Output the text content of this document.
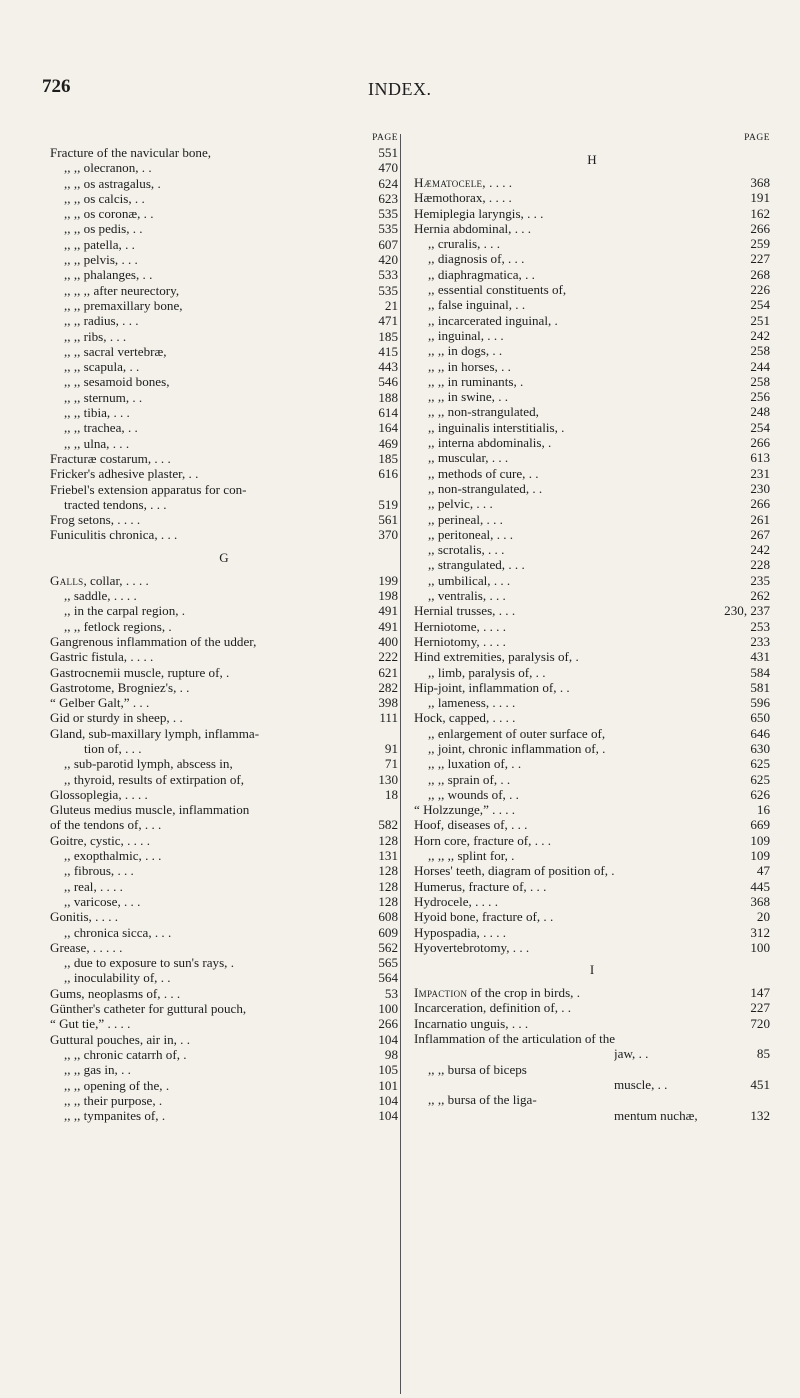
726	INDEX.
PAGE
Fracture of the navicular bone,	551
,, ,, olecranon, . .	470
,, ,, os astragalus, .	624
,, ,, os calcis, . .	623
,, ,, os coronæ, . .	535
,, ,, os pedis, . .	535
,, ,, patella, . .	607
,, ,, pelvis, . . .	420
,, ,, phalanges, . .	533
,, ,, ,, after neurectory,	535
,, ,, premaxillary bone,	21
,, ,, radius, . . .	471
,, ,, ribs, . . .	185
,, ,, sacral vertebræ,	415
,, ,, scapula, . .	443
,, ,, sesamoid bones,	546
,, ,, sternum, . .	188
,, ,, tibia, . . .	614
,, ,, trachea, . .	164
,, ,, ulna, . . .	469
Fracturæ costarum, . . .	185
Fricker's adhesive plaster, . .	616
Friebel's extension apparatus for con-
tracted tendons, . . .	519
Frog setons, . . . .	561
Funiculitis chronica, . . .	370
G
Galls, collar, . . . .	199
,, saddle, . . . .	198
,, in the carpal region, .	491
,, ,, fetlock regions, .	491
Gangrenous inflammation of the udder,	400
Gastric fistula, . . . .	222
Gastrocnemii muscle, rupture of, .	621
Gastrotome, Brogniez's, . .	282
“ Gelber Galt,” . . .	398
Gid or sturdy in sheep, . .	111
Gland, sub-maxillary lymph, inflamma-
tion of, . . .	91
,, sub-parotid lymph, abscess in,	71
,, thyroid, results of extirpation of,	130
Glossoplegia, . . . .	18
Gluteus medius muscle, inflammation
of the tendons of, . . .	582
Goitre, cystic, . . . .	128
,, exopthalmic, . . .	131
,, fibrous, . . .	128
,, real, . . . .	128
,, varicose, . . .	128
Gonitis, . . . .	608
,, chronica sicca, . . .	609
Grease, . . . . .	562
,, due to exposure to sun's rays, .	565
,, inoculability of, . .	564
Gums, neoplasms of, . . .	53
Günther's catheter for guttural pouch,	100
“ Gut tie,” . . . .	266
Guttural pouches, air in, . .	104
,, ,, chronic catarrh of, .	98
,, ,, gas in, . .	105
,, ,, opening of the, .	101
,, ,, their purpose, .	104
,, ,, tympanites of, .	104
PAGE
H
Hæmatocele, . . . .	368
Hæmothorax, . . . .	191
Hemiplegia laryngis, . . .	162
Hernia abdominal, . . .	266
,, cruralis, . . .	259
,, diagnosis of, . . .	227
,, diaphragmatica, . .	268
,, essential constituents of,	226
,, false inguinal, . .	254
,, incarcerated inguinal, .	251
,, inguinal, . . .	242
,, ,, in dogs, . .	258
,, ,, in horses, . .	244
,, ,, in ruminants, .	258
,, ,, in swine, . .	256
,, ,, non-strangulated,	248
,, inguinalis interstitialis, .	254
,, interna abdominalis, .	266
,, muscular, . . .	613
,, methods of cure, . .	231
,, non-strangulated, . .	230
,, pelvic, . . .	266
,, perineal, . . .	261
,, peritoneal, . . .	267
,, scrotalis, . . .	242
,, strangulated, . . .	228
,, umbilical, . . .	235
,, ventralis, . . .	262
Hernial trusses, . . .	230, 237
Herniotome, . . . .	253
Herniotomy, . . . .	233
Hind extremities, paralysis of, .	431
,, limb, paralysis of, . .	584
Hip-joint, inflammation of, . .	581
,, lameness, . . . .	596
Hock, capped, . . . .	650
,, enlargement of outer surface of,	646
,, joint, chronic inflammation of, .	630
,, ,, luxation of, . .	625
,, ,, sprain of, . .	625
,, ,, wounds of, . .	626
“ Holzzunge,” . . . .	16
Hoof, diseases of, . . .	669
Horn core, fracture of, . . .	109
,, ,, ,, splint for, .	109
Horses' teeth, diagram of position of, .	47
Humerus, fracture of, . . .	445
Hydrocele, . . . .	368
Hyoid bone, fracture of, . .	20
Hypospadia, . . . .	312
Hyovertebrotomy, . . .	100
I
Impaction of the crop in birds, .	147
Incarceration, definition of, . .	227
Incarnatio unguis, . . .	720
Inflammation of the articulation of the
jaw, . .	85
,, ,, bursa of biceps
muscle, . .	451
,, ,, bursa of the liga-
mentum nuchæ,	132
